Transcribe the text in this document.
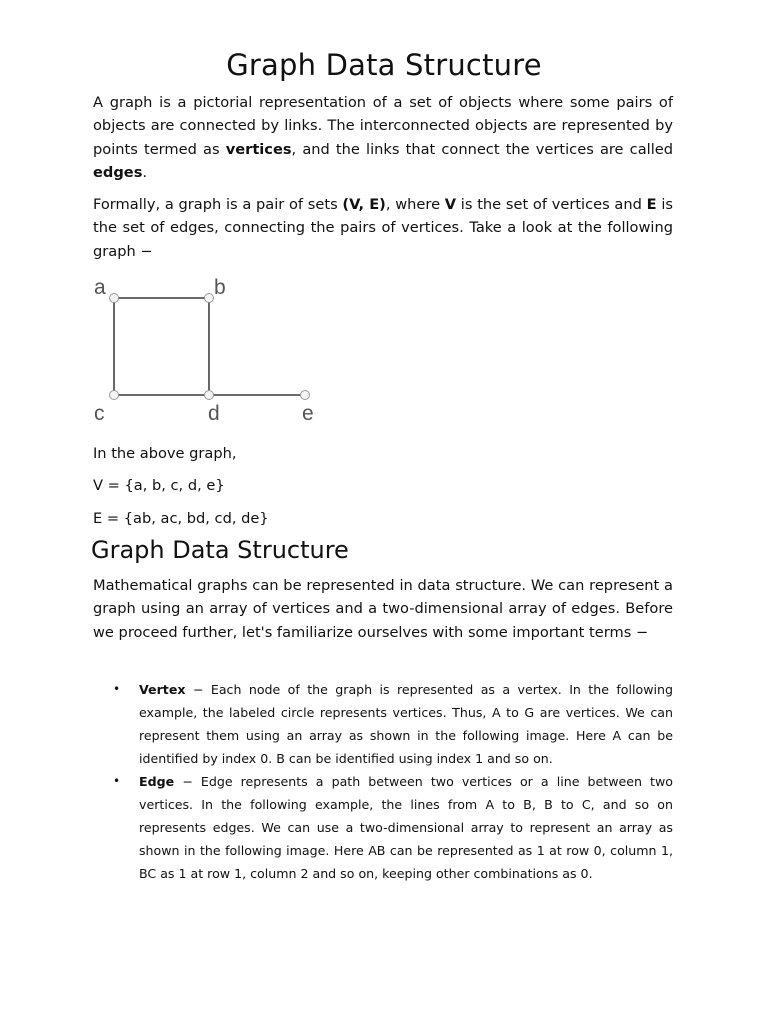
Graph Data Structure

A graph is a pictorial representation of a set of objects where some pairs of objects are connected by links. The interconnected objects are represented by points termed as vertices, and the links that connect the vertices are called edges.

Formally, a graph is a pair of sets (V, E), where V is the set of vertices and E is the set of edges, connecting the pairs of vertices. Take a look at the following graph −

a	b
c	d	e

In the above graph,

V = {a, b, c, d, e}

E = {ab, ac, bd, cd, de}

Graph Data Structure

Mathematical graphs can be represented in data structure. We can represent a graph using an array of vertices and a two-dimensional array of edges. Before we proceed further, let's familiarize ourselves with some important terms −

• Vertex − Each node of the graph is represented as a vertex. In the following example, the labeled circle represents vertices. Thus, A to G are vertices. We can represent them using an array as shown in the following image. Here A can be identified by index 0. B can be identified using index 1 and so on.
• Edge − Edge represents a path between two vertices or a line between two vertices. In the following example, the lines from A to B, B to C, and so on represents edges. We can use a two-dimensional array to represent an array as shown in the following image. Here AB can be represented as 1 at row 0, column 1, BC as 1 at row 1, column 2 and so on, keeping other combinations as 0.
